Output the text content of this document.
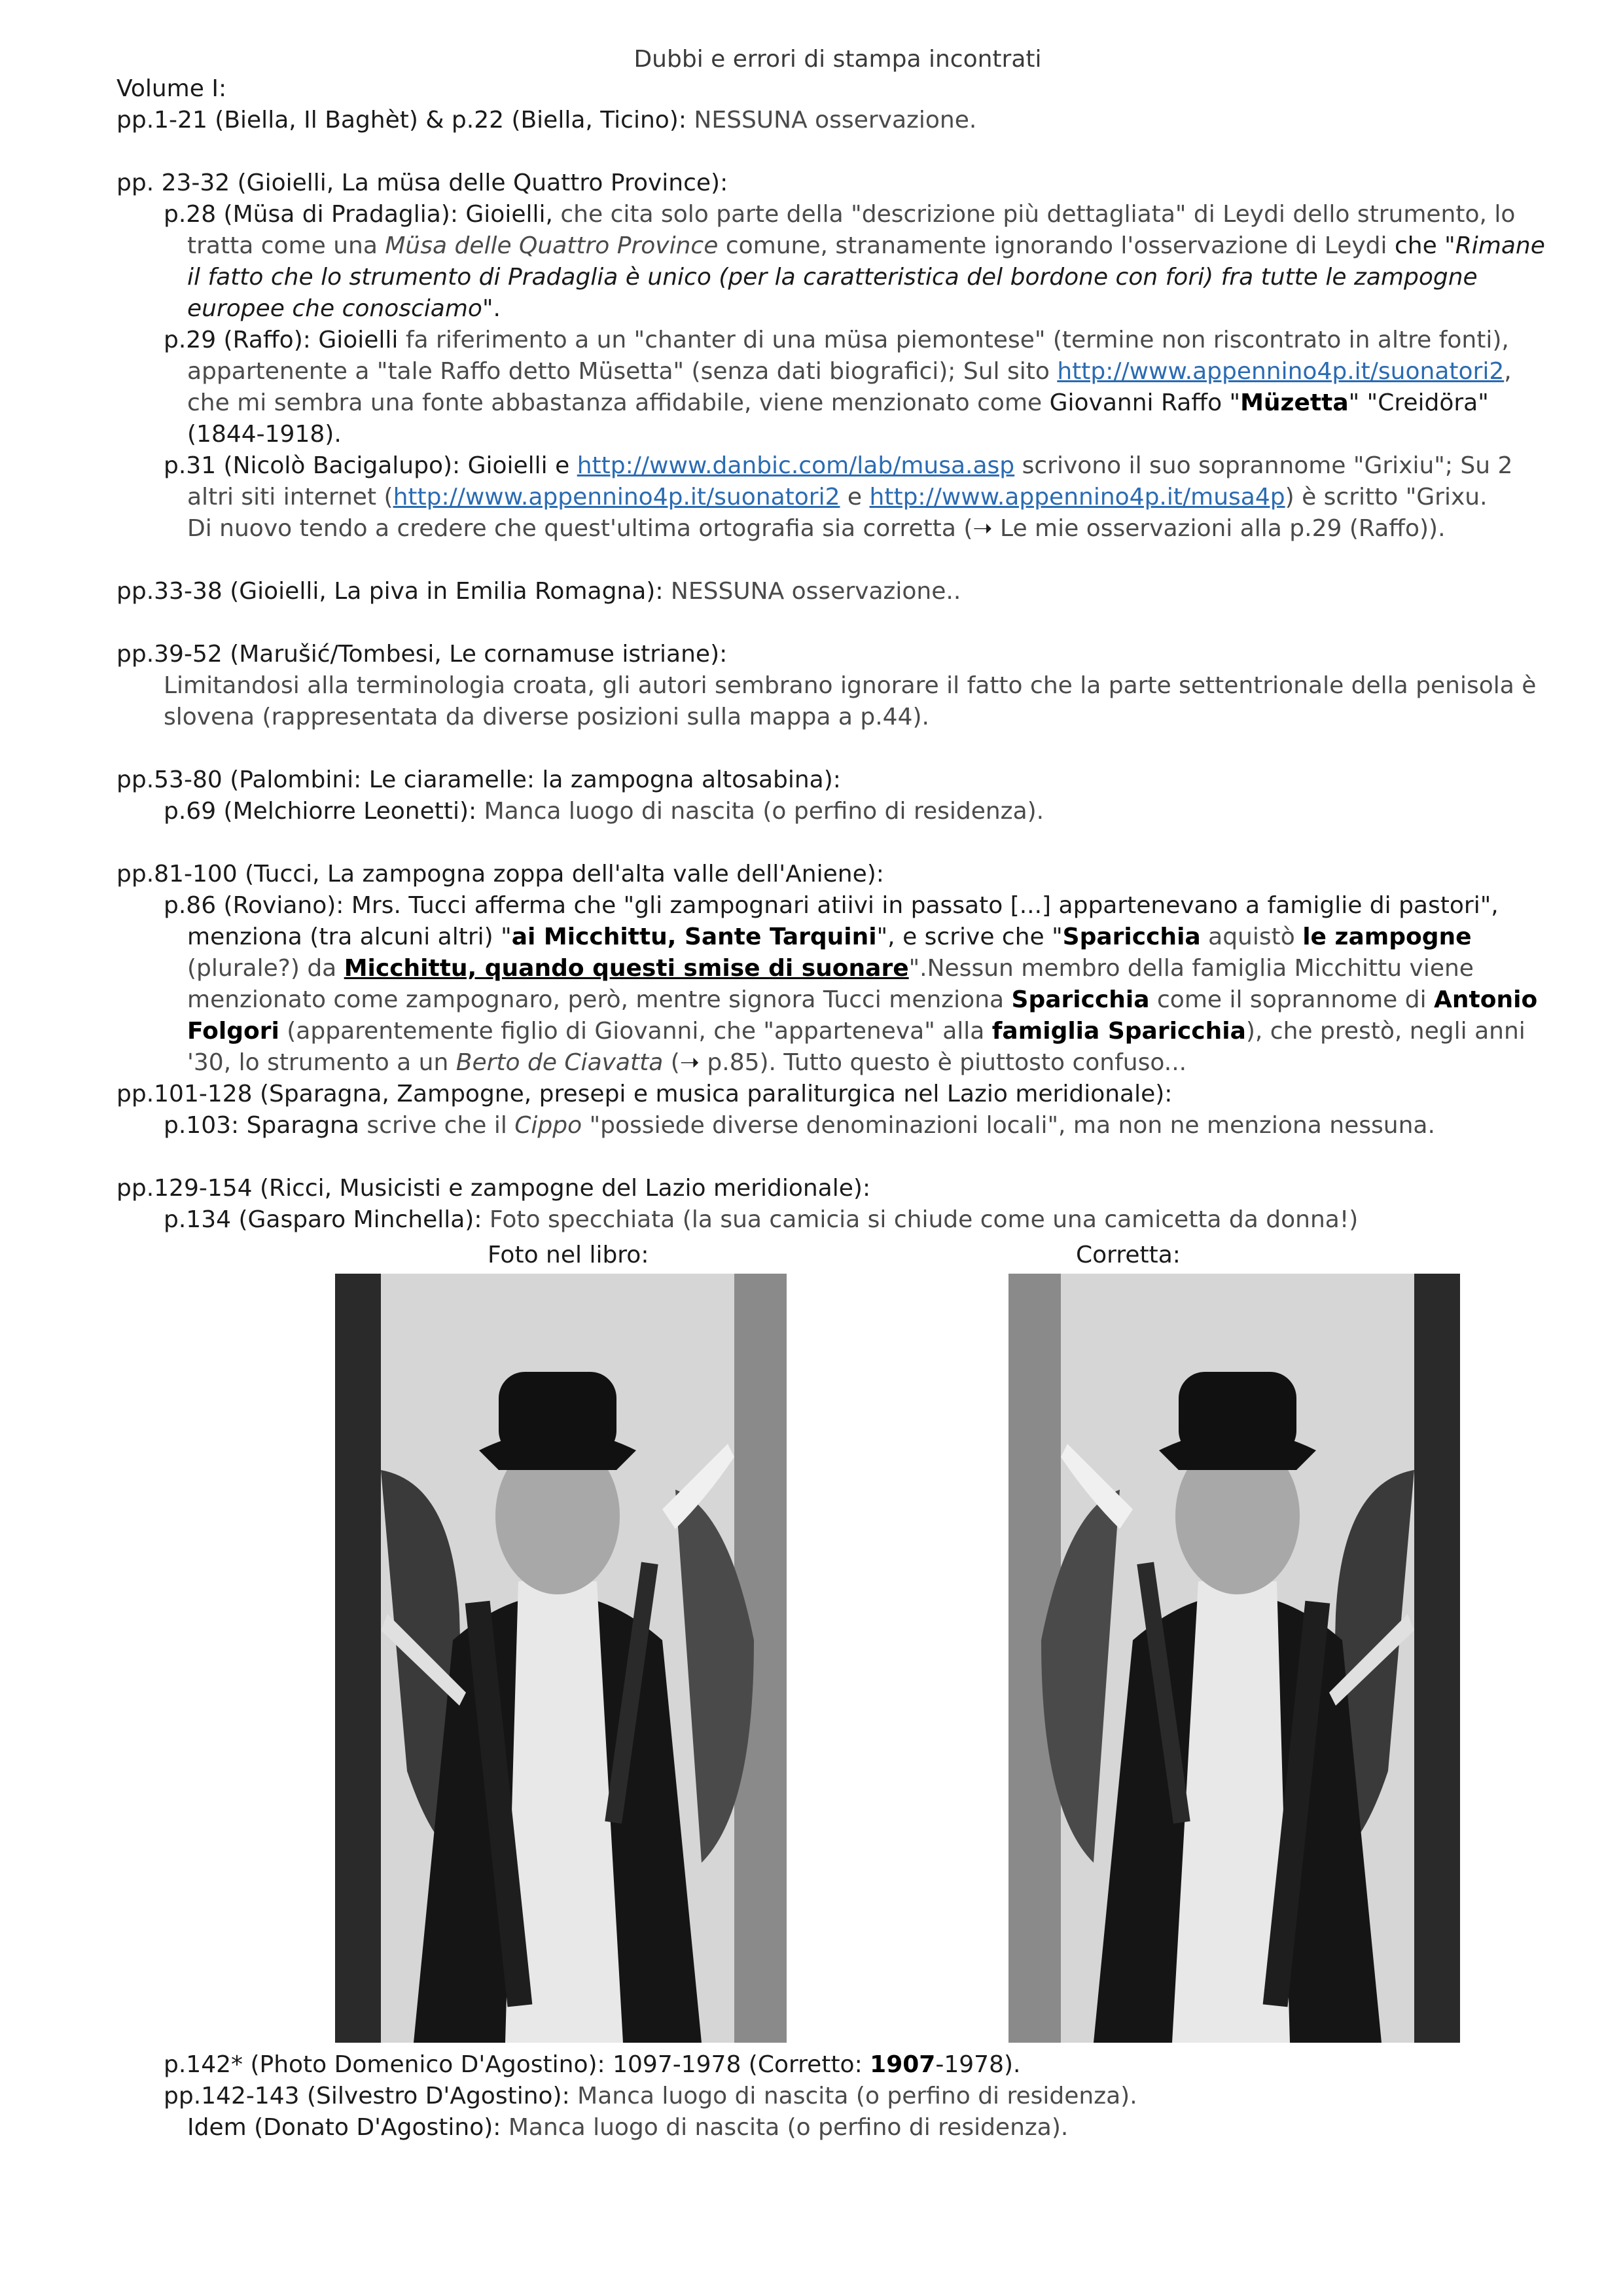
Dubbi e errori di stampa incontrati
Volume I:
pp.1-21 (Biella, Il Baghèt) & p.22 (Biella, Ticino): NESSUNA osservazione.
pp. 23-32 (Gioielli, La müsa delle Quattro Province):
p.28 (Müsa di Pradaglia): Gioielli, che cita solo parte della "descrizione più dettagliata" di Leydi dello strumento, lo tratta come una Müsa delle Quattro Province comune, stranamente ignorando l'osservazione di Leydi che "Rimane il fatto che lo strumento di Pradaglia è unico (per la caratteristica del bordone con fori) fra tutte le zampogne europee che conosciamo".
p.29 (Raffo): Gioielli fa riferimento a un "chanter di una müsa piemontese" (termine non riscontrato in altre fonti), appartenente a "tale Raffo detto Müsetta" (senza dati biografici); Sul sito http://www.appennino4p.it/suonatori2, che mi sembra una fonte abbastanza affidabile, viene menzionato come Giovanni Raffo "Müzetta" "Creidöra" (1844-1918).
p.31 (Nicolò Bacigalupo): Gioielli e http://www.danbic.com/lab/musa.asp scrivono il suo soprannome "Grixiu"; Su 2 altri siti internet (http://www.appennino4p.it/suonatori2 e http://www.appennino4p.it/musa4p) è scritto "Grixu.
Di nuovo tendo a credere che quest'ultima ortografia sia corretta (➝ Le mie osservazioni alla p.29 (Raffo)).
pp.33-38 (Gioielli, La piva in Emilia Romagna): NESSUNA osservazione..
pp.39-52 (Marušić/Tombesi, Le cornamuse istriane):
Limitandosi alla terminologia croata, gli autori sembrano ignorare il fatto che la parte settentrionale della penisola è slovena (rappresentata da diverse posizioni sulla mappa a p.44).
pp.53-80 (Palombini: Le ciaramelle: la zampogna altosabina):
p.69 (Melchiorre Leonetti): Manca luogo di nascita (o perfino di residenza).
pp.81-100 (Tucci, La zampogna zoppa dell'alta valle dell'Aniene):
p.86 (Roviano): Mrs. Tucci afferma che "gli zampognari atiivi in passato [...] appartenevano a famiglie di pastori", menziona (tra alcuni altri) "ai Micchittu, Sante Tarquini", e scrive che "Sparicchia aquistò le zampogne (plurale?) da Micchittu, quando questi smise di suonare".Nessun membro della famiglia Micchittu viene menzionato come zampognaro, però, mentre signora Tucci menziona Sparicchia come il soprannome di Antonio Folgori (apparentemente figlio di Giovanni, che "apparteneva" alla famiglia Sparicchia), che prestò, negli anni '30, lo strumento a un Berto de Ciavatta (➝ p.85). Tutto questo è piuttosto confuso...
pp.101-128 (Sparagna, Zampogne, presepi e musica paraliturgica nel Lazio meridionale):
p.103: Sparagna scrive che il Cippo "possiede diverse denominazioni locali", ma non ne menziona nessuna.
pp.129-154 (Ricci, Musicisti e zampogne del Lazio meridionale):
p.134 (Gasparo Minchella): Foto specchiata (la sua camicia si chiude come una camicetta da donna!)
Foto nel libro:	Corretta:
p.142* (Photo Domenico D'Agostino): 1097-1978 (Corretto: 1907-1978).
pp.142-143 (Silvestro D'Agostino): Manca luogo di nascita (o perfino di residenza).
Idem (Donato D'Agostino): Manca luogo di nascita (o perfino di residenza).
